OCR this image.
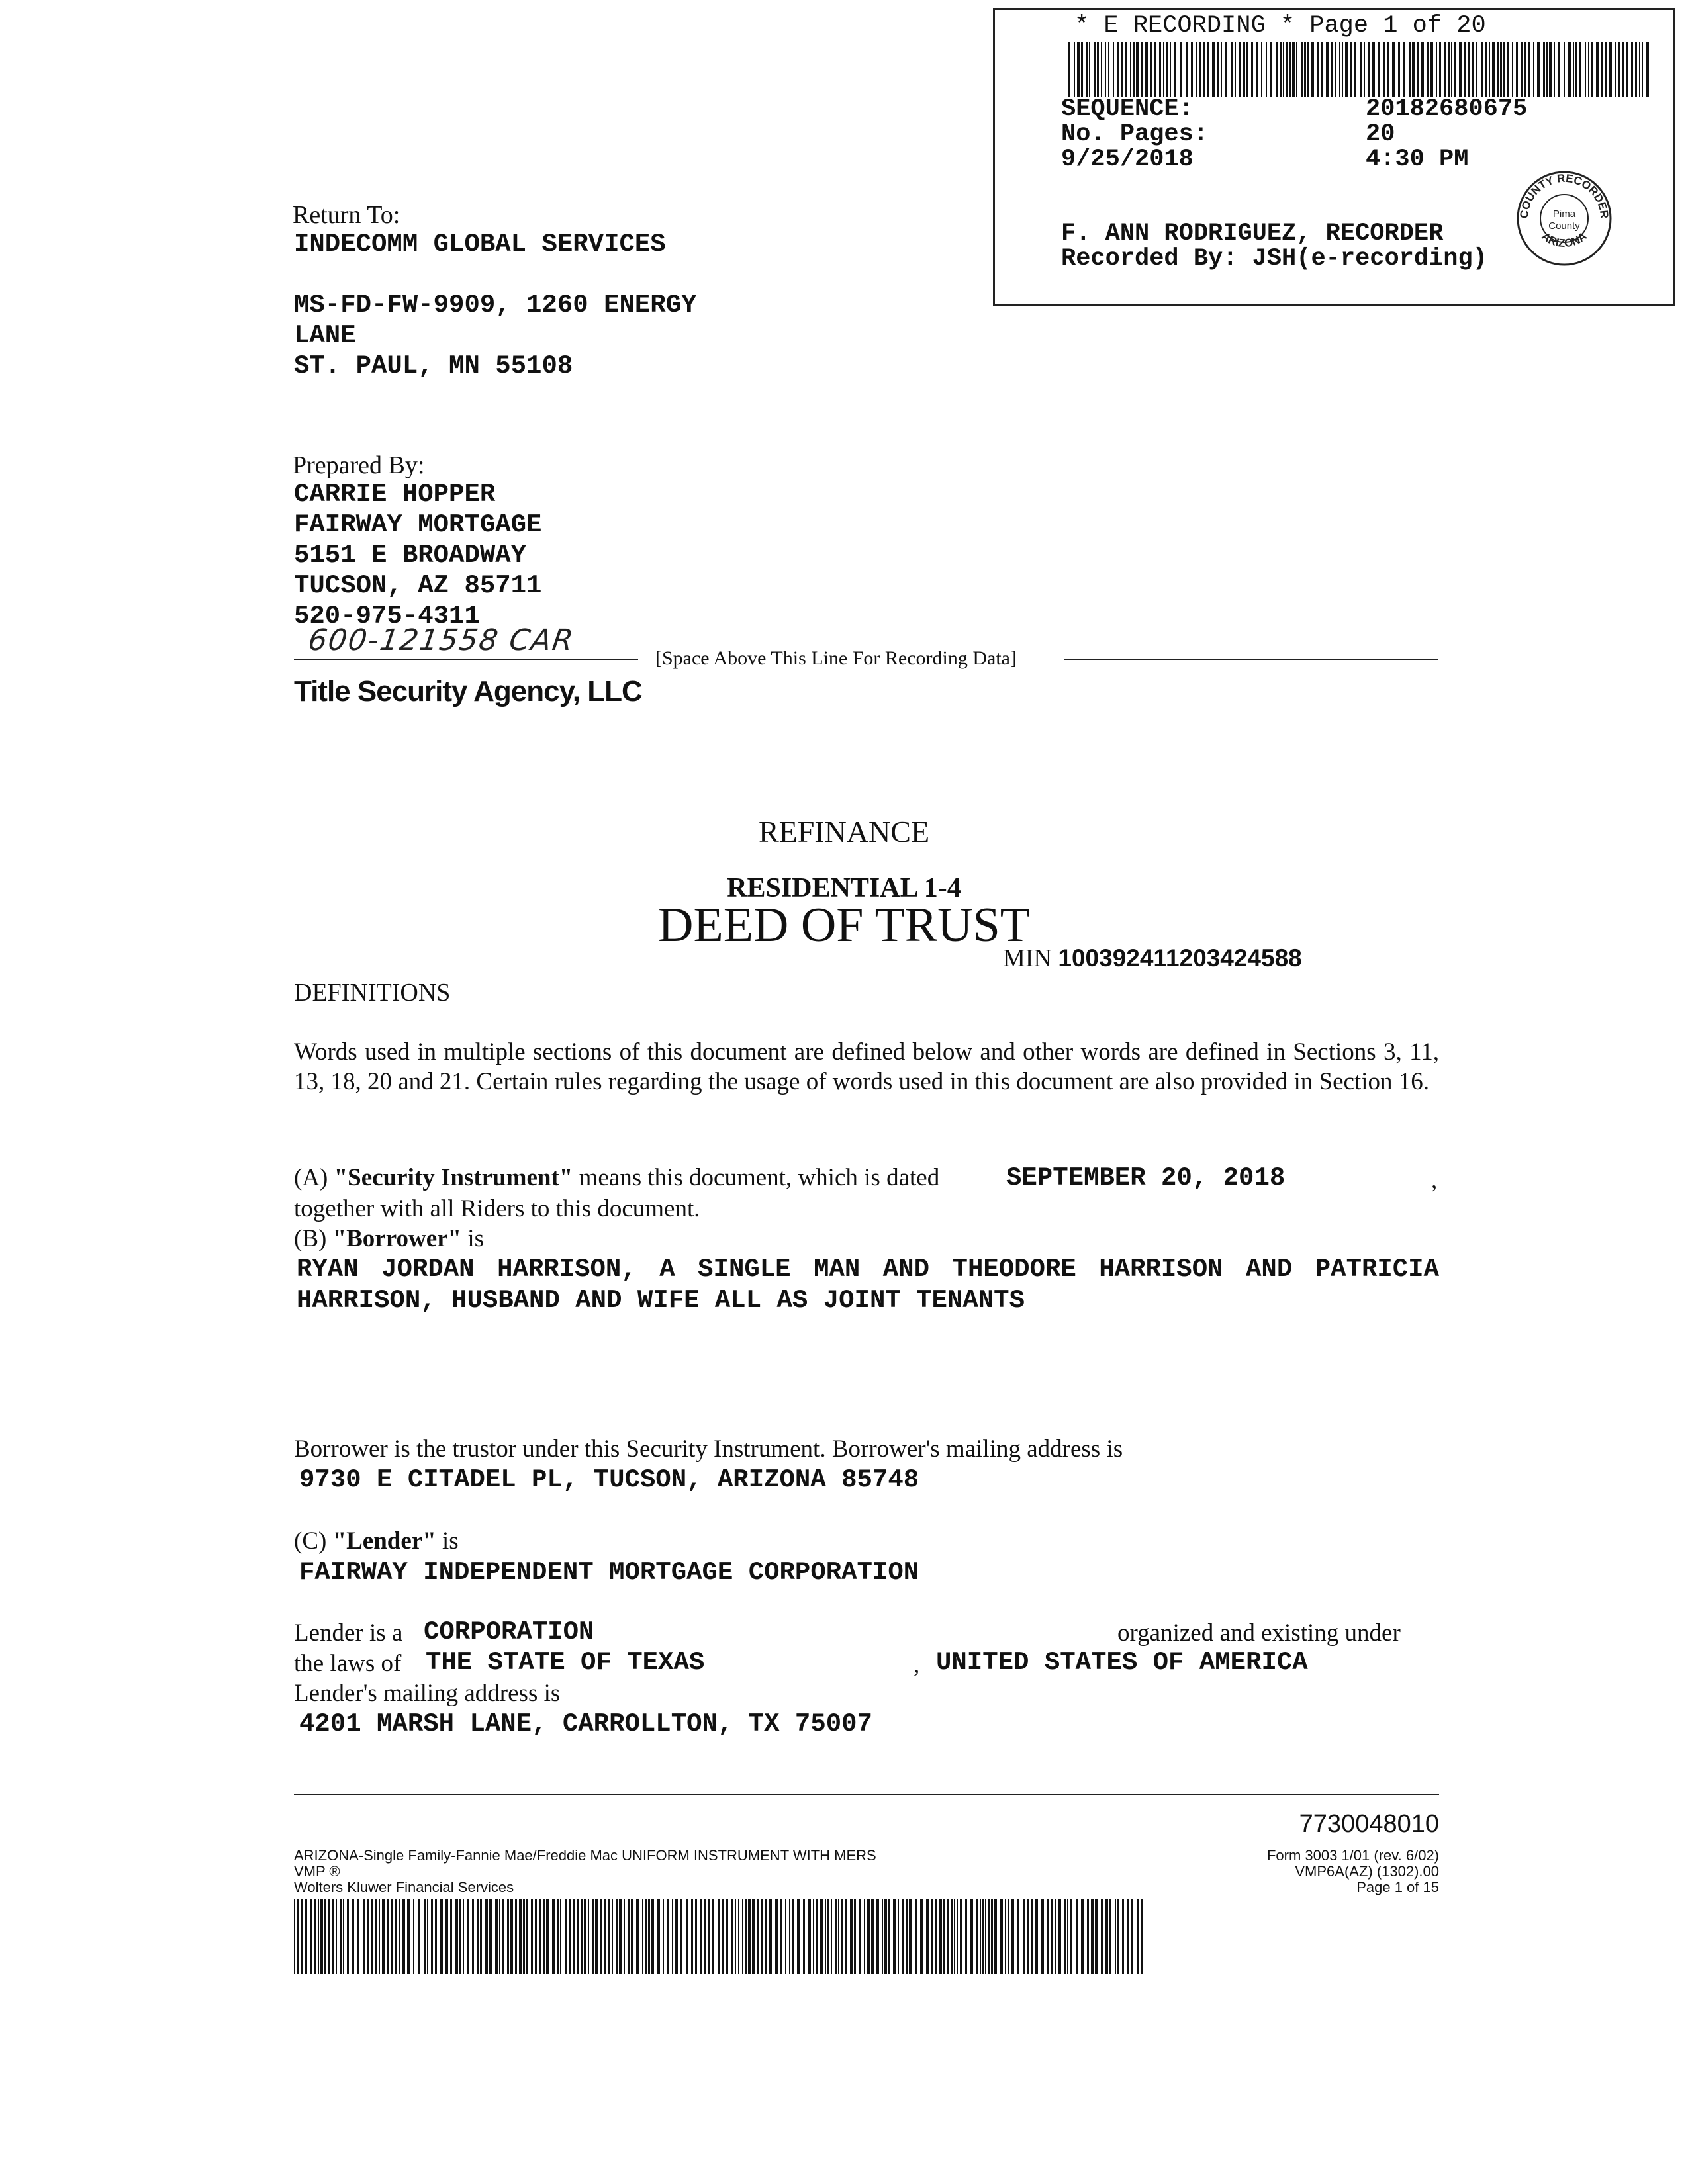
* E RECORDING * Page 1 of 20
SEQUENCE:	20182680675
No. Pages:	20
9/25/2018	4:30 PM
F. ANN RODRIGUEZ, RECORDER
Recorded By: JSH(e-recording)
COUNTY RECORDER
ARIZONA
Pima
County
Return To:
INDECOMM GLOBAL SERVICES
MS-FD-FW-9909, 1260 ENERGY
LANE
ST. PAUL, MN 55108
Prepared By:
CARRIE HOPPER
FAIRWAY MORTGAGE
5151 E BROADWAY
TUCSON, AZ 85711
520-975-4311
600-121558 CAR
[Space Above This Line For Recording Data]
Title Security Agency, LLC
REFINANCE
RESIDENTIAL 1-4
DEED OF TRUST
MIN 100392411203424588
DEFINITIONS
Words used in multiple sections of this document are defined below and other words are defined in Sections 3, 11, 13, 18, 20 and 21. Certain rules regarding the usage of words used in this document are also provided in Section 16.
(A) "Security Instrument" means this document, which is dated	SEPTEMBER 20, 2018	,
together with all Riders to this document.
(B) "Borrower" is
RYAN JORDAN HARRISON, A SINGLE MAN AND THEODORE HARRISON AND PATRICIA
HARRISON, HUSBAND AND WIFE ALL AS JOINT TENANTS
Borrower is the trustor under this Security Instrument. Borrower's mailing address is
9730 E CITADEL PL, TUCSON, ARIZONA 85748
(C) "Lender" is
FAIRWAY INDEPENDENT MORTGAGE CORPORATION
Lender is a CORPORATION	organized and existing under
the laws of THE STATE OF TEXAS	, UNITED STATES OF AMERICA
Lender's mailing address is
4201 MARSH LANE, CARROLLTON, TX 75007
7730048010
ARIZONA-Single Family-Fannie Mae/Freddie Mac UNIFORM INSTRUMENT WITH MERS
VMP ®
Wolters Kluwer Financial Services
Form 3003 1/01 (rev. 6/02)
VMP6A(AZ) (1302).00
Page 1 of 15
